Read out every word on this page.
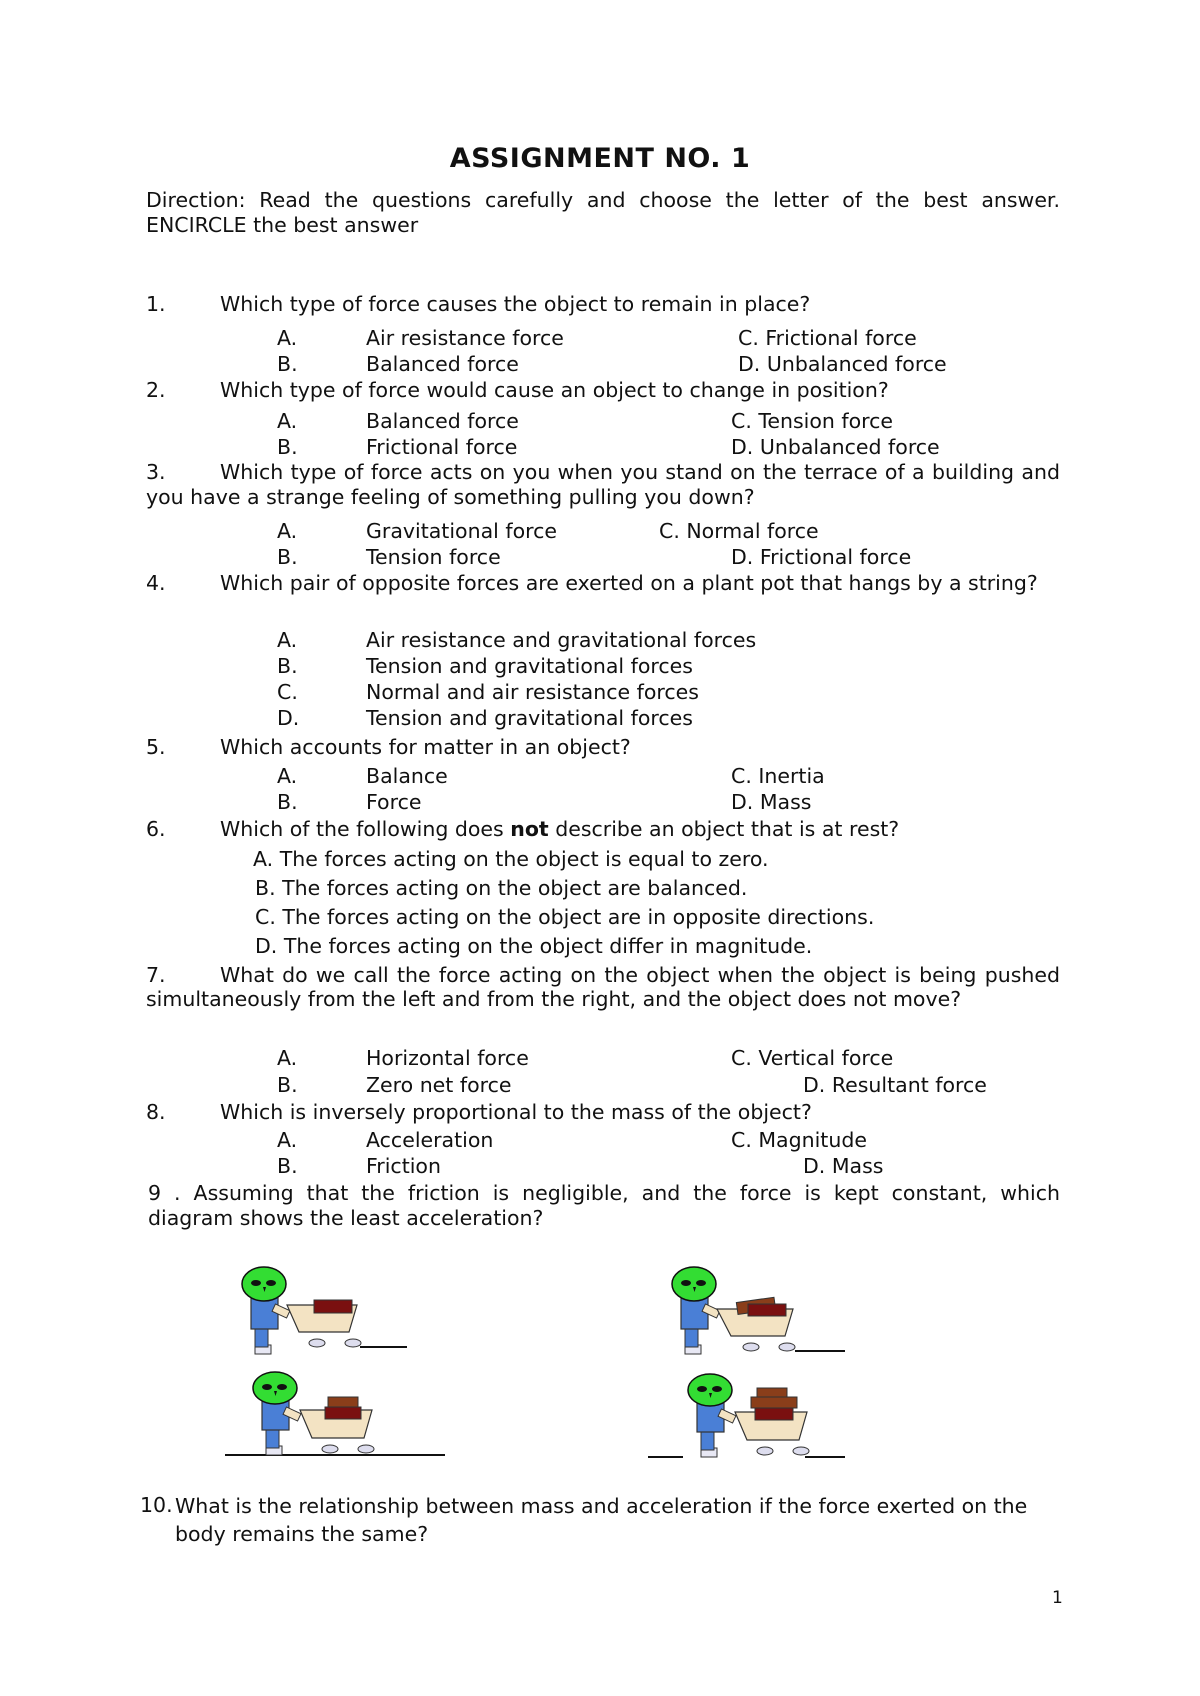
ASSIGNMENT NO. 1
Direction: Read the questions carefully and choose the letter of the best answer. ENCIRCLE the best answer
1.	Which type of force causes the object to remain in place?
A.	Air resistance force	C. Frictional force
B.	Balanced force	D. Unbalanced force
2.	Which type of force would cause an object to change in position?
A.	Balanced force	C. Tension force
B.	Frictional force	D. Unbalanced force
3.	Which type of force acts on you when you stand on the terrace of a building and you have a strange feeling of something pulling you down?
A.	Gravitational force	C. Normal force
B.	Tension force	D. Frictional force
4.	Which pair of opposite forces are exerted on a plant pot that hangs by a string?
A.	Air resistance and gravitational forces
B.	Tension and gravitational forces
C.	Normal and air resistance forces
D.	Tension and gravitational forces
5.	Which accounts for matter in an object?
A.	Balance	C. Inertia
B.	Force	D. Mass
6.	Which of the following does not describe an object that is at rest?
A. The forces acting on the object is equal to zero.
B. The forces acting on the object are balanced.
C. The forces acting on the object are in opposite directions.
D. The forces acting on the object differ in magnitude.
7.	What do we call the force acting on the object when the object is being pushed simultaneously from the left and from the right, and the object does not move?
A.	Horizontal force	C. Vertical force
B.	Zero net force	D. Resultant force
8.	Which is inversely proportional to the mass of the object?
A.	Acceleration	C. Magnitude
B.	Friction	D. Mass
9 . Assuming that the friction is negligible, and the force is kept constant, which diagram shows the least acceleration?
10. What is the relationship between mass and acceleration if the force exerted on the body remains the same?
1
